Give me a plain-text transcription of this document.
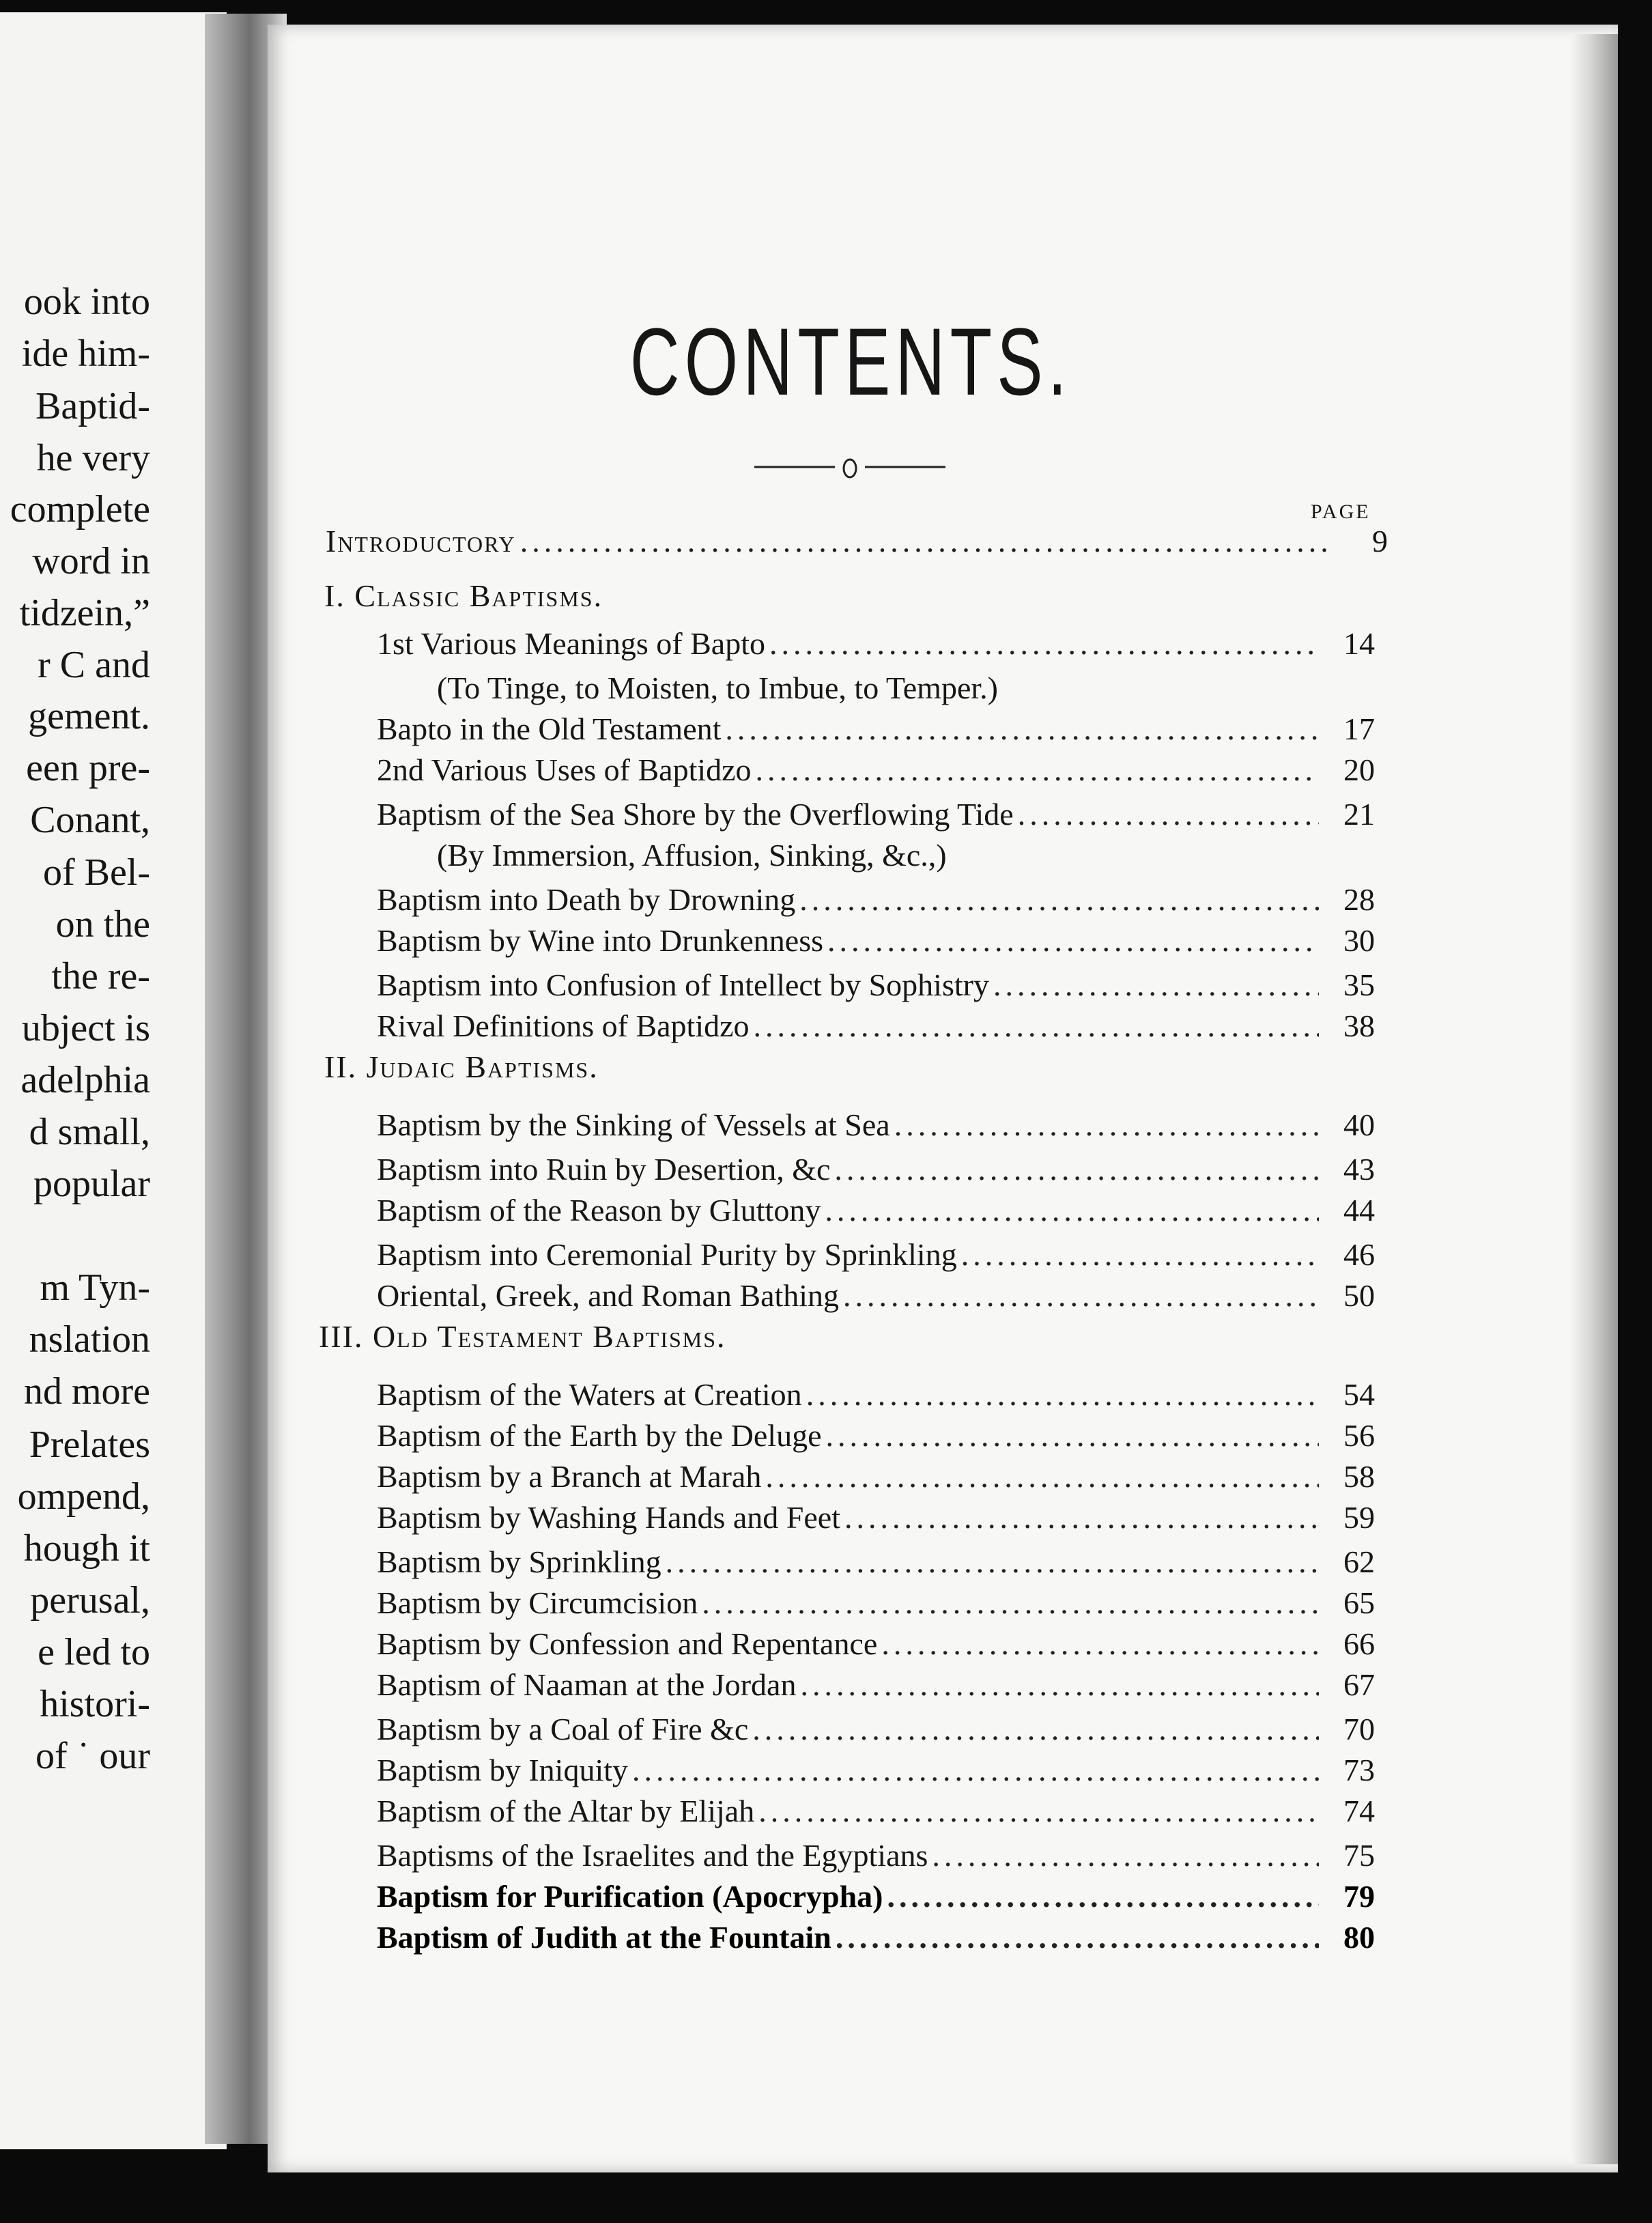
ook into
ide him-
Baptid-
he very
complete
word in
tidzein,”
r C and
gement.
een pre-
Conant,
of Bel-
on the
the re-
ubject is
adelphia
d small,
popular
m Tyn-
nslation
nd more
Prelates
ompend,
hough it
perusal,
e led to
histori-
of ˙ our
CONTENTS.
PAGE
Introductory .....	9
I. Classic Baptisms.
1st Various Meanings of Bapto .....	14
(To Tinge, to Moisten, to Imbue, to Temper.)
Bapto in the Old Testament .....	17
2nd Various Uses of Baptidzo .....	20
Baptism of the Sea Shore by the Overflowing Tide .....	21
(By Immersion, Affusion, Sinking, &c.,)
Baptism into Death by Drowning .....	28
Baptism by Wine into Drunkenness .....	30
Baptism into Confusion of Intellect by Sophistry .....	35
Rival Definitions of Baptidzo .....	38
II. Judaic Baptisms.
Baptism by the Sinking of Vessels at Sea .....	40
Baptism into Ruin by Desertion, &c .....	43
Baptism of the Reason by Gluttony .....	44
Baptism into Ceremonial Purity by Sprinkling .....	46
Oriental, Greek, and Roman Bathing .....	50
III. Old Testament Baptisms.
Baptism of the Waters at Creation .....	54
Baptism of the Earth by the Deluge .....	56
Baptism by a Branch at Marah .....	58
Baptism by Washing Hands and Feet .....	59
Baptism by Sprinkling .....	62
Baptism by Circumcision .....	65
Baptism by Confession and Repentance .....	66
Baptism of Naaman at the Jordan .....	67
Baptism by a Coal of Fire &c .....	70
Baptism by Iniquity .....	73
Baptism of the Altar by Elijah .....	74
Baptisms of the Israelites and the Egyptians .....	75
Baptism for Purification (Apocrypha) .....	79
Baptism of Judith at the Fountain .....	80
